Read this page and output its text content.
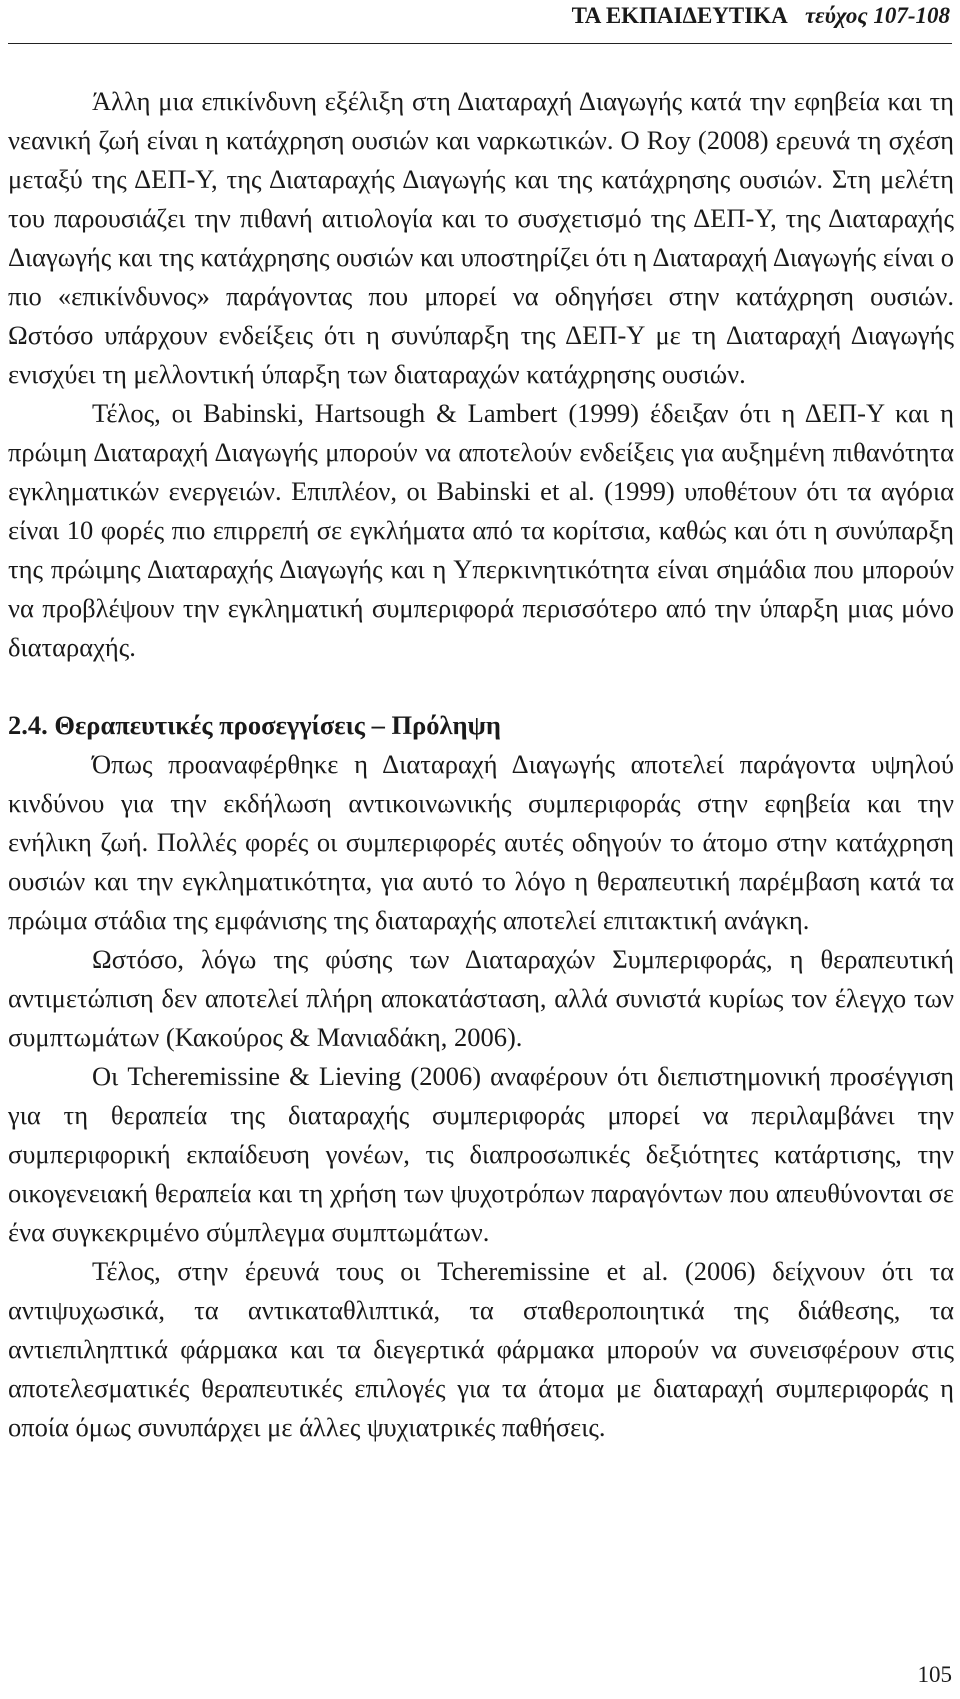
ΤΑ ΕΚΠΑΙΔΕΥΤΙΚΑ τεύχος 107-108

Άλλη μια επικίνδυνη εξέλιξη στη Διαταραχή Διαγωγής κατά την εφηβεία και τη νεανική ζωή είναι η κατάχρηση ουσιών και ναρκωτικών. Ο Roy (2008) ερευνά τη σχέση μεταξύ της ΔΕΠ-Υ, της Διαταραχής Διαγωγής και της κατάχρησης ουσιών. Στη μελέτη του παρουσιάζει την πιθανή αιτιολογία και το συσχετισμό της ΔΕΠ-Υ, της Διαταραχής Διαγωγής και της κατάχρησης ουσιών και υποστηρίζει ότι η Διαταραχή Διαγωγής είναι ο πιο «επικίνδυνος» παράγοντας που μπορεί να οδηγήσει στην κατάχρηση ουσιών. Ωστόσο υπάρχουν ενδείξεις ότι η συνύπαρξη της ΔΕΠ-Υ με τη Διαταραχή Διαγωγής ενισχύει τη μελλοντική ύπαρξη των διαταραχών κατάχρησης ουσιών.

Τέλος, οι Babinski, Hartsough & Lambert (1999) έδειξαν ότι η ΔΕΠ-Υ και η πρώιμη Διαταραχή Διαγωγής μπορούν να αποτελούν ενδείξεις για αυξημένη πιθανότητα εγκληματικών ενεργειών. Επιπλέον, οι Babinski et al. (1999) υποθέτουν ότι τα αγόρια είναι 10 φορές πιο επιρρεπή σε εγκλήματα από τα κορίτσια, καθώς και ότι η συνύπαρξη της πρώιμης Διαταραχής Διαγωγής και η Υπερκινητικότητα είναι σημάδια που μπορούν να προβλέψουν την εγκληματική συμπεριφορά περισσότερο από την ύπαρξη μιας μόνο διαταραχής.

2.4. Θεραπευτικές προσεγγίσεις – Πρόληψη

Όπως προαναφέρθηκε η Διαταραχή Διαγωγής αποτελεί παράγοντα υψηλού κινδύνου για την εκδήλωση αντικοινωνικής συμπεριφοράς στην εφηβεία και την ενήλικη ζωή. Πολλές φορές οι συμπεριφορές αυτές οδηγούν το άτομο στην κατάχρηση ουσιών και την εγκληματικότητα, για αυτό το λόγο η θεραπευτική παρέμβαση κατά τα πρώιμα στάδια της εμφάνισης της διαταραχής αποτελεί επιτακτική ανάγκη.

Ωστόσο, λόγω της φύσης των Διαταραχών Συμπεριφοράς, η θεραπευτική αντιμετώπιση δεν αποτελεί πλήρη αποκατάσταση, αλλά συνιστά κυρίως τον έλεγχο των συμπτωμάτων (Κακούρος & Μανιαδάκη, 2006).

Οι Tcheremissine & Lieving (2006) αναφέρουν ότι διεπιστημονική προσέγγιση για τη θεραπεία της διαταραχής συμπεριφοράς μπορεί να περιλαμβάνει την συμπεριφορική εκπαίδευση γονέων, τις διαπροσωπικές δεξιότητες κατάρτισης, την οικογενειακή θεραπεία και τη χρήση των ψυχοτρόπων παραγόντων που απευθύνονται σε ένα συγκεκριμένο σύμπλεγμα συμπτωμάτων.

Τέλος, στην έρευνά τους οι Tcheremissine et al. (2006) δείχνουν ότι τα αντιψυχωσικά, τα αντικαταθλιπτικά, τα σταθεροποιητικά της διάθεσης, τα αντιεπιληπτικά φάρμακα και τα διεγερτικά φάρμακα μπορούν να συνεισφέρουν στις αποτελεσματικές θεραπευτικές επιλογές για τα άτομα με διαταραχή συμπεριφοράς η οποία όμως συνυπάρχει με άλλες ψυχιατρικές παθήσεις.

105
